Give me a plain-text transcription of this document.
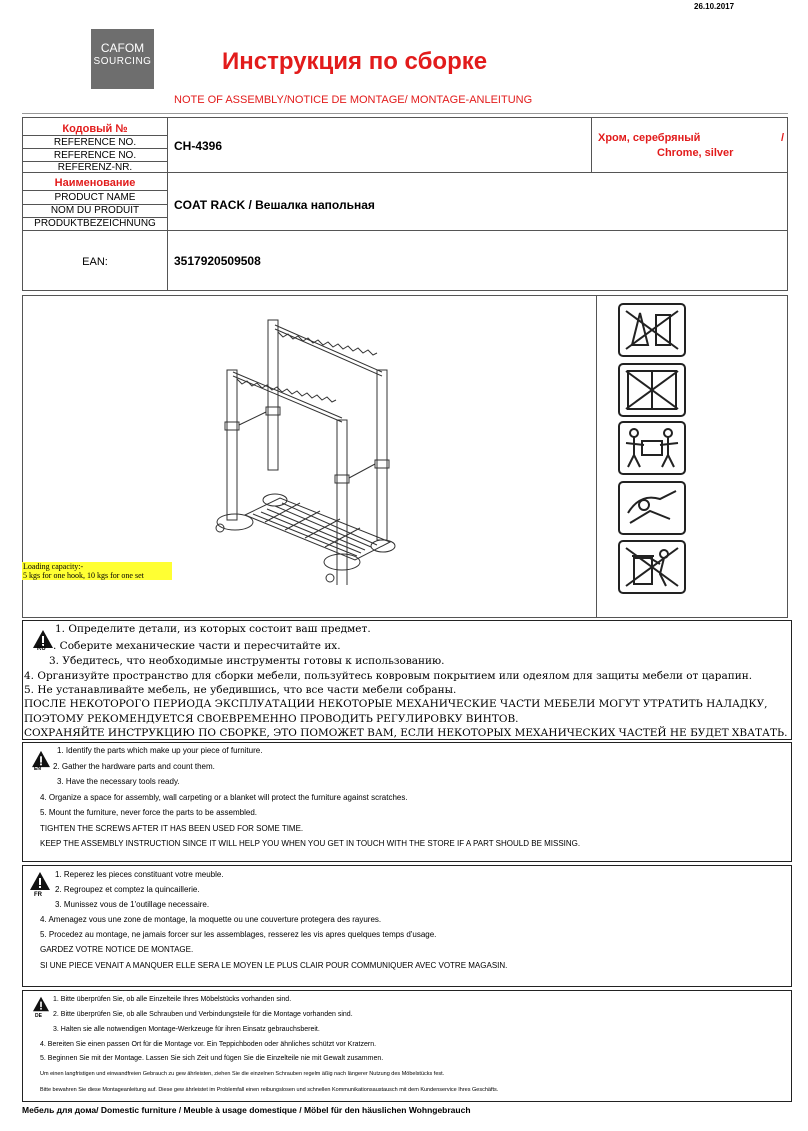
26.10.2017
CAFOM
SOURCING	Инструкция по сборке
NOTE OF ASSEMBLY/NOTICE DE MONTAGE/ MONTAGE-ANLEITUNG
Кодовый №
REFERENCE NO.
REFERENCE NO.
REFERENZ-NR.
CH-4396
Хром, серебряный	/
Chrome, silver
Наименование
PRODUCT NAME
NOM DU PRODUIT
PRODUKTBEZEICHNUNG
COAT RACK / Вешалка напольная
EAN:	3517920509508
Loading capacity:-
5 kgs for one hook, 10 kgs for one set
RU
1. Определите детали, из которых состоит ваш предмет.
. Соберите механические части и пересчитайте их.
3. Убедитесь, что необходимые инструменты готовы к использованию.
4. Организуйте пространство для сборки мебели, пользуйтесь ковровым покрытием или одеялом для защиты мебели от царапин.
5. Не устанавливайте мебель, не убедившись, что все части мебели собраны.
ПОСЛЕ НЕКОТОРОГО ПЕРИОДА ЭКСПЛУАТАЦИИ НЕКОТОРЫЕ МЕХАНИЧЕСКИЕ ЧАСТИ МЕБЕЛИ МОГУТ УТРАТИТЬ НАЛАДКУ,
ПОЭТОМУ РЕКОМЕНДУЕТСЯ СВОЕВРЕМЕННО ПРОВОДИТЬ РЕГУЛИРОВКУ ВИНТОВ.
СОХРАНЯЙТЕ ИНСТРУКЦИЮ ПО СБОРКЕ, ЭТО ПОМОЖЕТ ВАМ, ЕСЛИ НЕКОТОРЫХ МЕХАНИЧЕСКИХ ЧАСТЕЙ НЕ БУДЕТ ХВАТАТЬ.
EN
1. Identify the parts which make up your piece of furniture.
2. Gather the hardware parts and count them.
3. Have the necessary tools ready.
4. Organize a space for assembly, wall carpeting or a blanket will protect the furniture against scratches.
5. Mount the furniture, never force the parts to be assembled.
TIGHTEN THE SCREWS AFTER IT HAS BEEN USED FOR SOME TIME.
KEEP THE ASSEMBLY INSTRUCTION SINCE IT WILL HELP YOU WHEN YOU GET IN TOUCH WITH THE STORE IF A PART SHOULD BE MISSING.
FR
1. Reperez les pieces constituant votre meuble.
2. Regroupez et comptez la quincaillerie.
3. Munissez vous de 1'outillage necessaire.
4. Amenagez vous une zone de montage, la moquette ou une couverture protegera des rayures.
5. Procedez au montage, ne jamais forcer sur les assemblages, resserez les vis apres quelques temps d'usage.
GARDEZ VOTRE NOTICE DE MONTAGE.
SI UNE PIECE VENAIT A MANQUER ELLE SERA LE MOYEN LE PLUS CLAIR POUR COMMUNIQUER AVEC VOTRE MAGASIN.
DE
1. Bitte überprüfen Sie, ob alle Einzelteile Ihres Möbelstücks vorhanden sind.
2. Bitte überprüfen Sie, ob alle Schrauben und Verbindungsteile für die Montage vorhanden sind.
3. Halten sie alle notwendigen Montage-Werkzeuge für ihren Einsatz gebrauchsbereit.
4. Bereiten Sie einen passen Ort für die Montage vor. Ein Teppichboden oder ähnliches schützt vor Kratzern.
5. Beginnen Sie mit der Montage. Lassen Sie sich Zeit und fügen Sie die Einzelteile nie mit Gewalt zusammen.
Um einen langfristigen und einwandfreien Gebrauch zu gew ährleisten, ziehen Sie die einzelnen Schrauben regelm äßig nach längerer Nutzung des Möbelstücks fest.
Bitte bewahren Sie diese Montageanleitung auf. Diese gew ährleistet im Problemfall einen reibungslosen und schnellen Kommunikationsaustausch mit dem Kundenservice Ihres Geschäfts.
Мебель для дома/ Domestic furniture / Meuble à usage domestique / Möbel für den häuslichen Wohngebrauch
